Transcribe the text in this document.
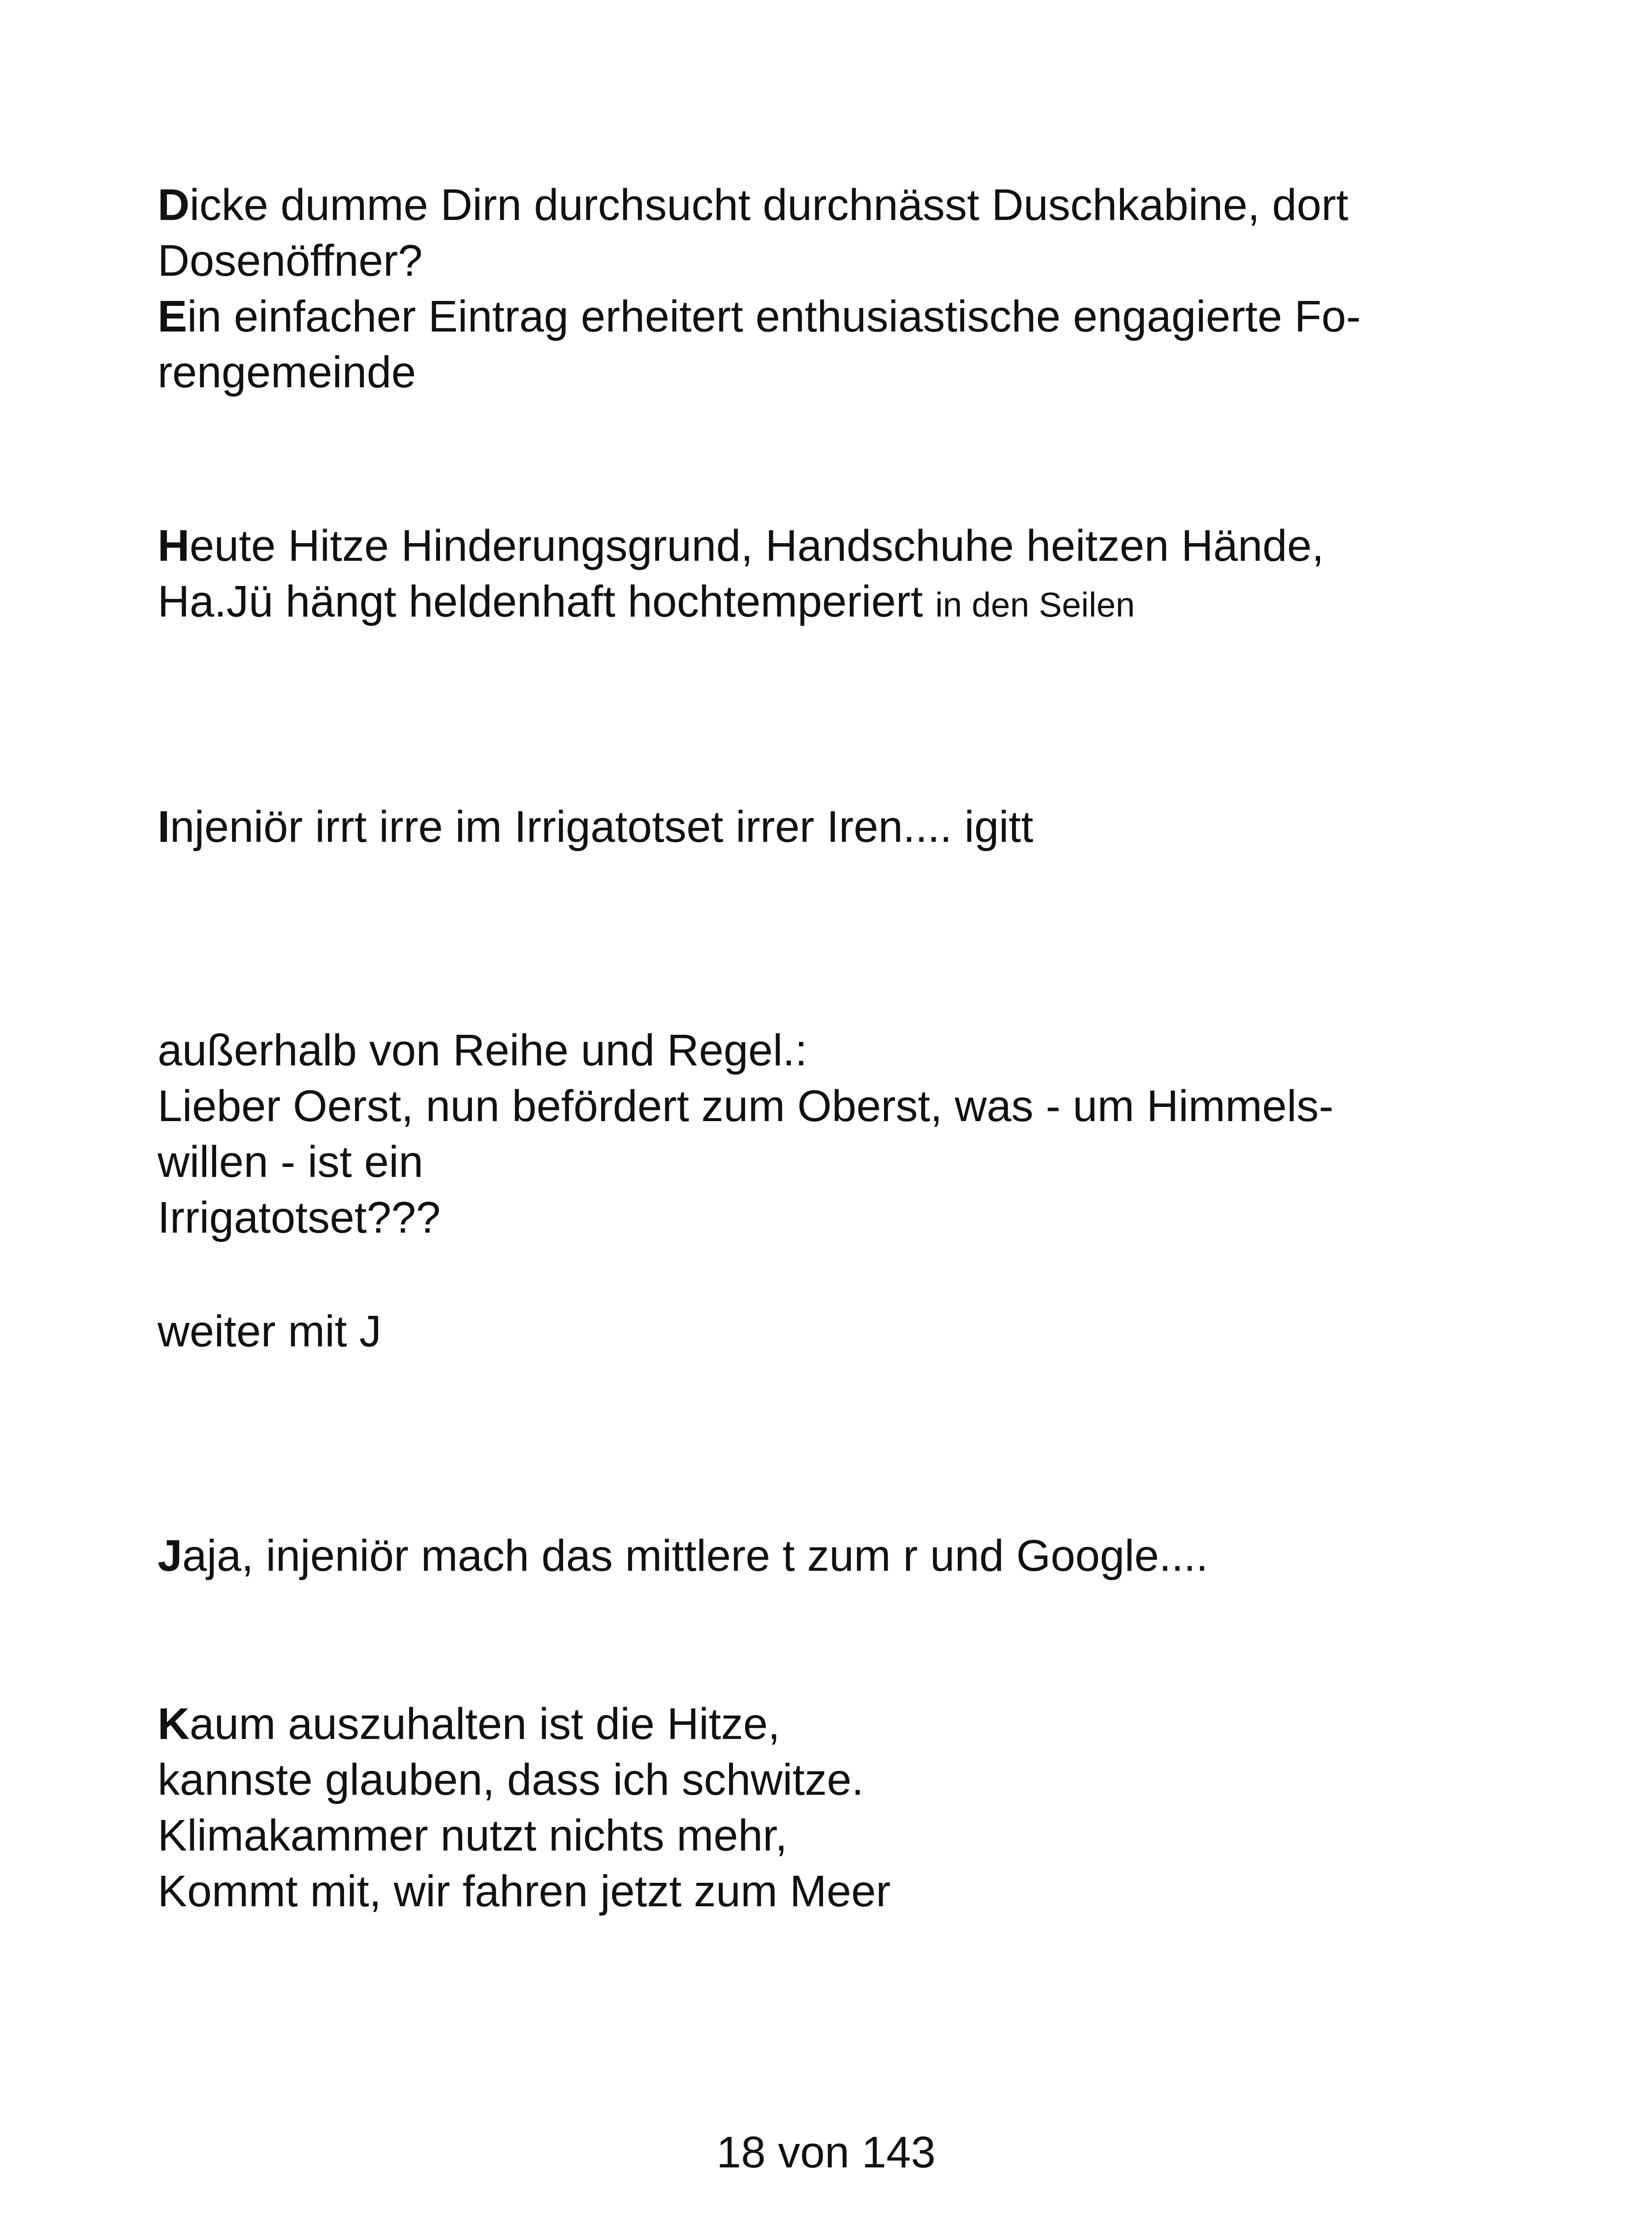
Dicke dumme Dirn durchsucht durchnässt Duschkabine, dort
Dosenöffner?
Ein einfacher Eintrag erheitert enthusiastische engagierte Fo-
rengemeinde
Heute Hitze Hinderungsgrund, Handschuhe heitzen Hände,
Ha.Jü hängt heldenhaft hochtemperiert in den Seilen
Injeniör irrt irre im Irrigatotset irrer Iren.... igitt
außerhalb von Reihe und Regel.:
Lieber Oerst, nun befördert zum Oberst, was - um Himmels-
willen - ist ein
Irrigatotset???
weiter mit J
Jaja, injeniör mach das mittlere t zum r und Google....
Kaum auszuhalten ist die Hitze,
kannste glauben, dass ich schwitze.
Klimakammer nutzt nichts mehr,
Kommt mit, wir fahren jetzt zum Meer
18 von 143
